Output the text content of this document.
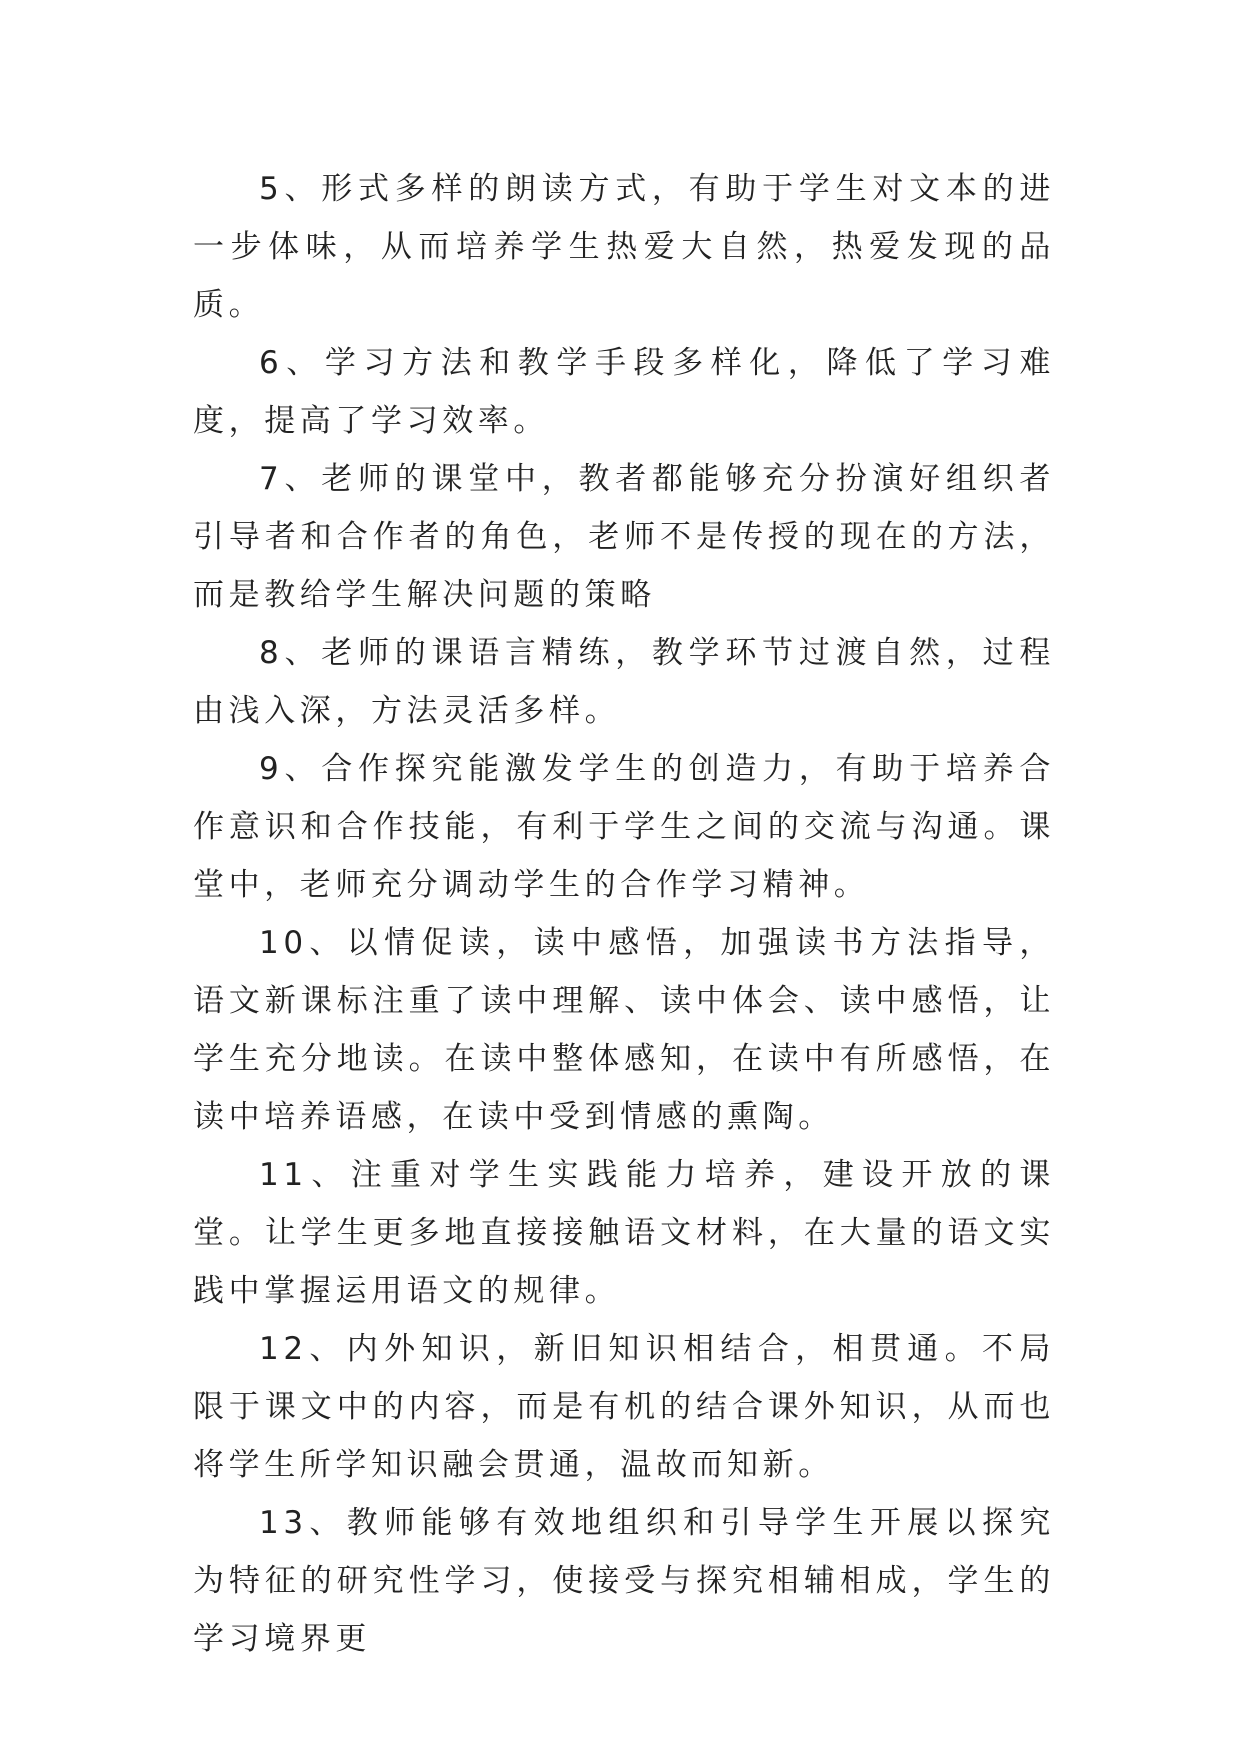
5、形式多样的朗读方式，有助于学生对文本的进一步体味，从而培养学生热爱大自然，热爱发现的品质。

6、学习方法和教学手段多样化，降低了学习难度，提高了学习效率。

7、老师的课堂中，教者都能够充分扮演好组织者引导者和合作者的角色，老师不是传授的现在的方法，而是教给学生解决问题的策略

8、老师的课语言精练，教学环节过渡自然，过程由浅入深，方法灵活多样。

9、合作探究能激发学生的创造力，有助于培养合作意识和合作技能，有利于学生之间的交流与沟通。课堂中，老师充分调动学生的合作学习精神。

10、以情促读，读中感悟，加强读书方法指导，语文新课标注重了读中理解、读中体会、读中感悟，让学生充分地读。在读中整体感知，在读中有所感悟，在读中培养语感，在读中受到情感的熏陶。

11、注重对学生实践能力培养，建设开放的课堂。让学生更多地直接接触语文材料，在大量的语文实践中掌握运用语文的规律。

12、内外知识，新旧知识相结合，相贯通。不局限于课文中的内容，而是有机的结合课外知识，从而也将学生所学知识融会贯通，温故而知新。

13、教师能够有效地组织和引导学生开展以探究为特征的研究性学习，使接受与探究相辅相成，学生的学习境界更
